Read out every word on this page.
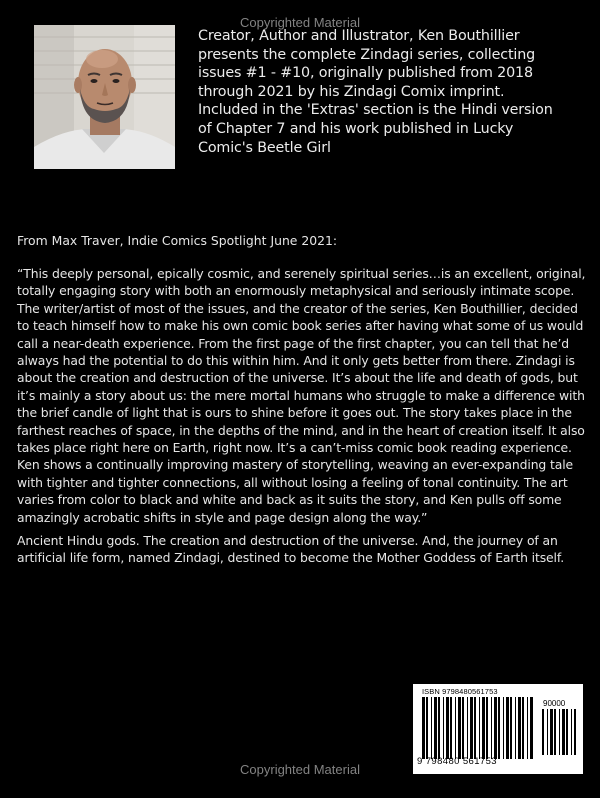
Copyrighted Material
Creator, Author and Illustrator, Ken Bouthillier presents the complete Zindagi series, collecting issues #1 - #10, originally published from 2018 through 2021 by his Zindagi Comix imprint. Included in the 'Extras' section is the Hindi version of Chapter 7 and his work published in Lucky Comic's Beetle Girl
From Max Traver, Indie Comics Spotlight June 2021:
“This deeply personal, epically cosmic, and serenely spiritual series…is an excellent, original, totally engaging story with both an enormously metaphysical and seriously intimate scope. The writer/artist of most of the issues, and the creator of the series, Ken Bouthillier, decided to teach himself how to make his own comic book series after having what some of us would call a near-death experience. From the first page of the first chapter, you can tell that he’d always had the potential to do this within him. And it only gets better from there. Zindagi is about the creation and destruction of the universe. It’s about the life and death of gods, but it’s mainly a story about us: the mere mortal humans who struggle to make a difference with the brief candle of light that is ours to shine before it goes out. The story takes place in the farthest reaches of space, in the depths of the mind, and in the heart of creation itself. It also takes place right here on Earth, right now. It’s a can’t-miss comic book reading experience. Ken shows a continually improving mastery of storytelling, weaving an ever-expanding tale with tighter and tighter connections, all without losing a feeling of tonal continuity. The art varies from color to black and white and back as it suits the story, and Ken pulls off some amazingly acrobatic shifts in style and page design along the way.”
Ancient Hindu gods. The creation and destruction of the universe. And, the journey of an artificial life form, named Zindagi, destined to become the Mother Goddess of Earth itself.
ISBN 9798480561753
90000
9 798480 561753
Copyrighted Material
